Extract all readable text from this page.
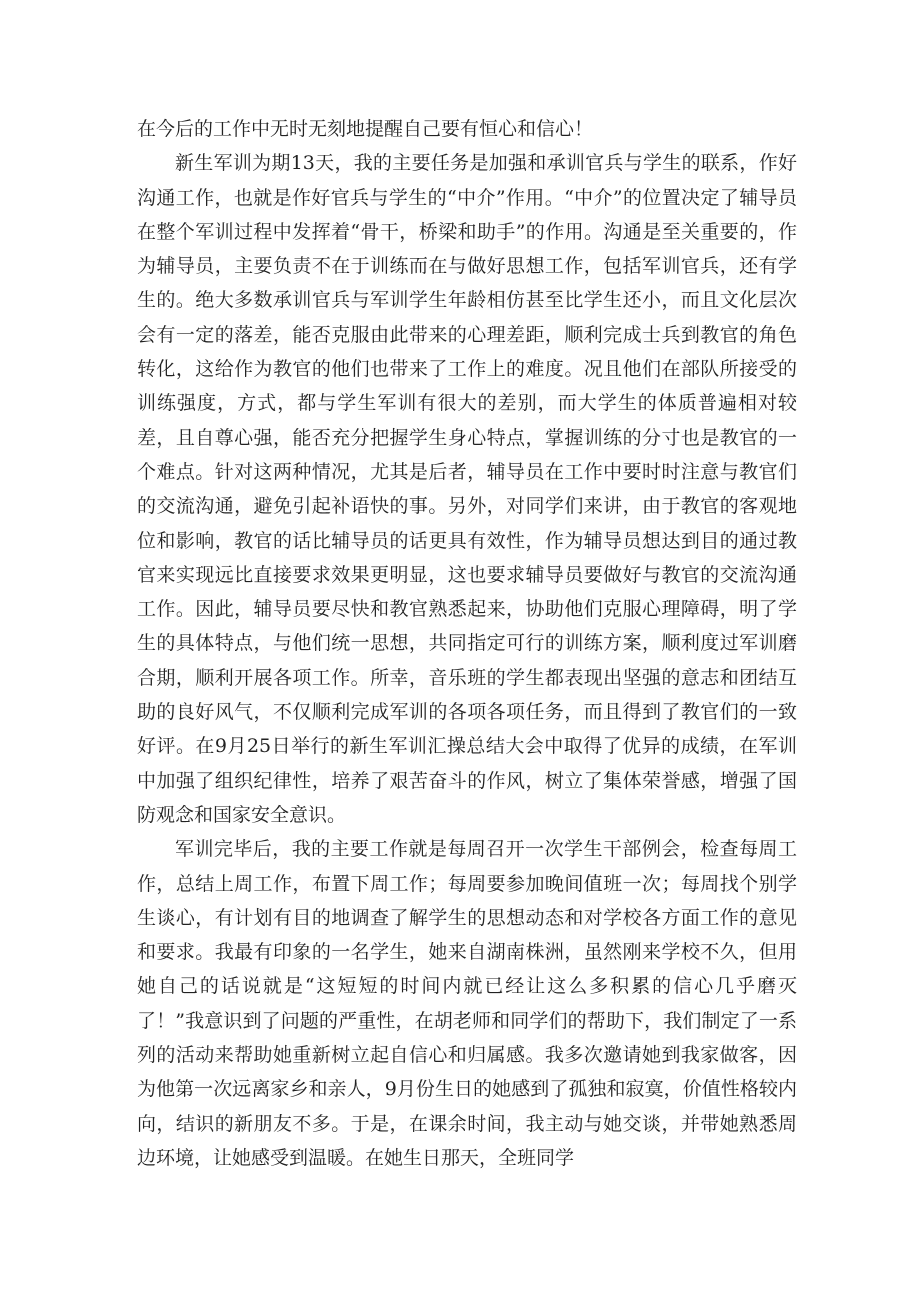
在今后的工作中无时无刻地提醒自己要有恒心和信心！

新生军训为期13天，我的主要任务是加强和承训官兵与学生的联系，作好沟通工作，也就是作好官兵与学生的“中介”作用。“中介”的位置决定了辅导员在整个军训过程中发挥着“骨干，桥梁和助手”的作用。沟通是至关重要的，作为辅导员，主要负责不在于训练而在与做好思想工作，包括军训官兵，还有学生的。绝大多数承训官兵与军训学生年龄相仿甚至比学生还小，而且文化层次会有一定的落差，能否克服由此带来的心理差距，顺利完成士兵到教官的角色转化，这给作为教官的他们也带来了工作上的难度。况且他们在部队所接受的训练强度，方式，都与学生军训有很大的差别，而大学生的体质普遍相对较差，且自尊心强，能否充分把握学生身心特点，掌握训练的分寸也是教官的一个难点。针对这两种情况，尤其是后者，辅导员在工作中要时时注意与教官们的交流沟通，避免引起补语快的事。另外，对同学们来讲，由于教官的客观地位和影响，教官的话比辅导员的话更具有效性，作为辅导员想达到目的通过教官来实现远比直接要求效果更明显，这也要求辅导员要做好与教官的交流沟通工作。因此，辅导员要尽快和教官熟悉起来，协助他们克服心理障碍，明了学生的具体特点，与他们统一思想，共同指定可行的训练方案，顺利度过军训磨合期，顺利开展各项工作。所幸，音乐班的学生都表现出坚强的意志和团结互助的良好风气，不仅顺利完成军训的各项各项任务，而且得到了教官们的一致好评。在9月25日举行的新生军训汇操总结大会中取得了优异的成绩，在军训中加强了组织纪律性，培养了艰苦奋斗的作风，树立了集体荣誉感，增强了国防观念和国家安全意识。

军训完毕后，我的主要工作就是每周召开一次学生干部例会，检查每周工作，总结上周工作，布置下周工作；每周要参加晚间值班一次；每周找个别学生谈心，有计划有目的地调查了解学生的思想动态和对学校各方面工作的意见和要求。我最有印象的一名学生，她来自湖南株洲，虽然刚来学校不久，但用她自己的话说就是“这短短的时间内就已经让这么多积累的信心几乎磨灭了！”我意识到了问题的严重性，在胡老师和同学们的帮助下，我们制定了一系列的活动来帮助她重新树立起自信心和归属感。我多次邀请她到我家做客，因为他第一次远离家乡和亲人，9月份生日的她感到了孤独和寂寞，价值性格较内向，结识的新朋友不多。于是，在课余时间，我主动与她交谈，并带她熟悉周边环境，让她感受到温暖。在她生日那天，全班同学
